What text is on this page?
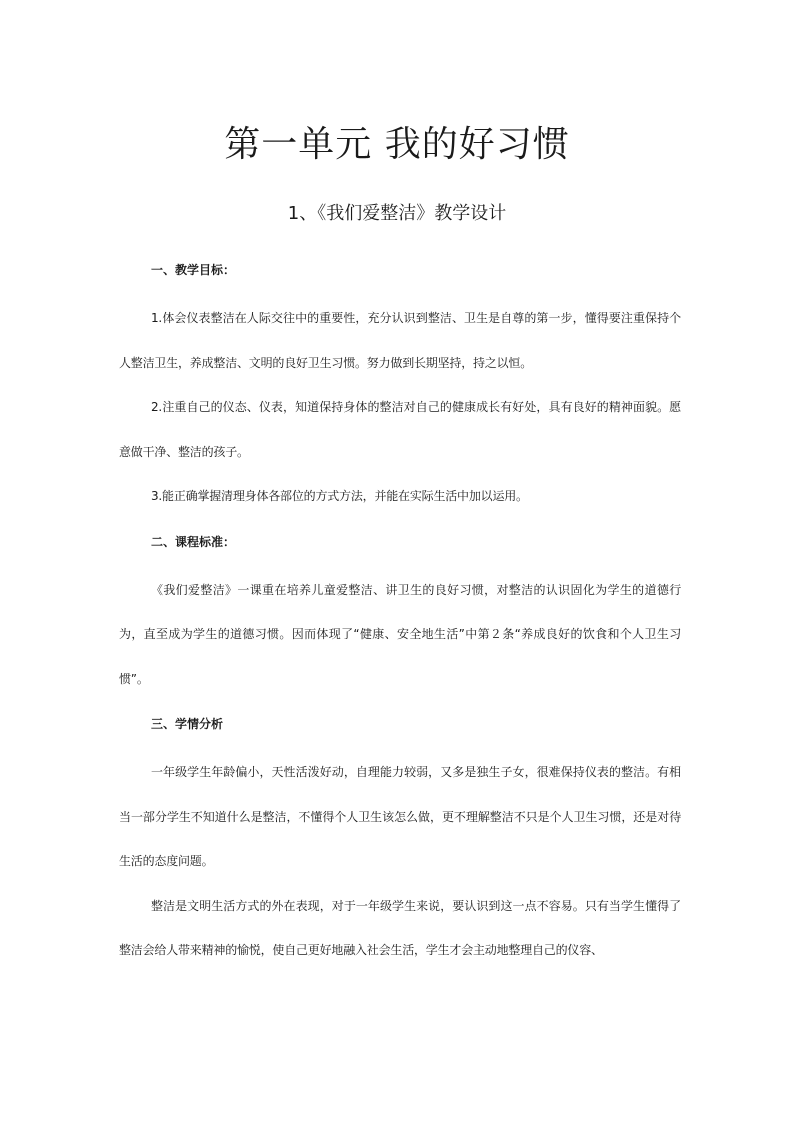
第一单元 我的好习惯
1、《我们爱整洁》教学设计

一、教学目标：

1.体会仪表整洁在人际交往中的重要性，充分认识到整洁、卫生是自尊的第一步，懂得要注重保持个人整洁卫生，养成整洁、文明的良好卫生习惯。努力做到长期坚持，持之以恒。

2.注重自己的仪态、仪表，知道保持身体的整洁对自己的健康成长有好处，具有良好的精神面貌。愿意做干净、整洁的孩子。

3.能正确掌握清理身体各部位的方式方法，并能在实际生活中加以运用。

二、课程标准：

《我们爱整洁》一课重在培养儿童爱整洁、讲卫生的良好习惯，对整洁的认识固化为学生的道德行为，直至成为学生的道德习惯。因而体现了“健康、安全地生活”中第２条“养成良好的饮食和个人卫生习惯”。

三、学情分析

一年级学生年龄偏小，天性活泼好动，自理能力较弱，又多是独生子女，很难保持仪表的整洁。有相当一部分学生不知道什么是整洁，不懂得个人卫生该怎么做，更不理解整洁不只是个人卫生习惯，还是对待生活的态度问题。

整洁是文明生活方式的外在表现，对于一年级学生来说，要认识到这一点不容易。只有当学生懂得了整洁会给人带来精神的愉悦，使自己更好地融入社会生活，学生才会主动地整理自己的仪容、
